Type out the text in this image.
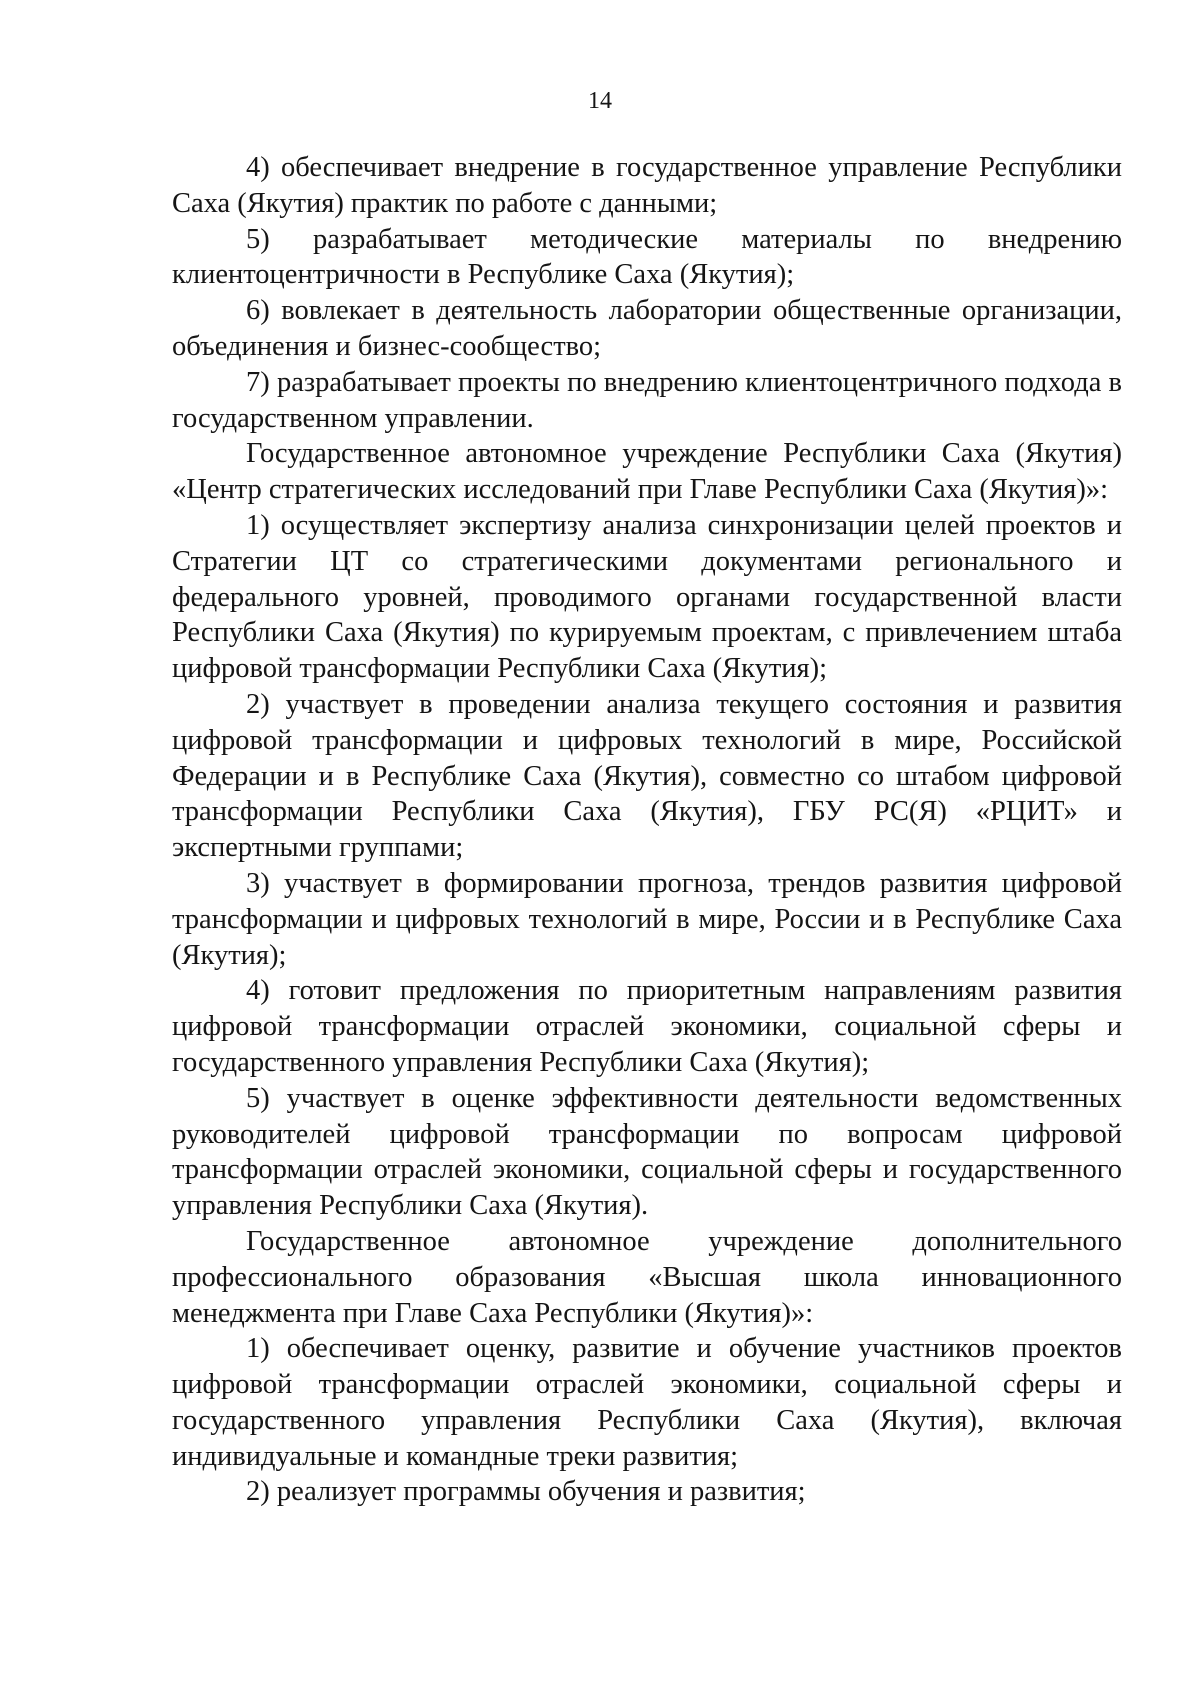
14

4) обеспечивает внедрение в государственное управление Республики Саха (Якутия) практик по работе с данными;

5) разрабатывает методические материалы по внедрению клиентоцентричности в Республике Саха (Якутия);

6) вовлекает в деятельность лаборатории общественные организации, объединения и бизнес-сообщество;

7) разрабатывает проекты по внедрению клиентоцентричного подхода в государственном управлении.

Государственное автономное учреждение Республики Саха (Якутия) «Центр стратегических исследований при Главе Республики Саха (Якутия)»:

1) осуществляет экспертизу анализа синхронизации целей проектов и Стратегии ЦТ со стратегическими документами регионального и федерального уровней, проводимого органами государственной власти Республики Саха (Якутия) по курируемым проектам, с привлечением штаба цифровой трансформации Республики Саха (Якутия);

2) участвует в проведении анализа текущего состояния и развития цифровой трансформации и цифровых технологий в мире, Российской Федерации и в Республике Саха (Якутия), совместно со штабом цифровой трансформации Республики Саха (Якутия), ГБУ РС(Я) «РЦИТ» и экспертными группами;

3) участвует в формировании прогноза, трендов развития цифровой трансформации и цифровых технологий в мире, России и в Республике Саха (Якутия);

4) готовит предложения по приоритетным направлениям развития цифровой трансформации отраслей экономики, социальной сферы и государственного управления Республики Саха (Якутия);

5) участвует в оценке эффективности деятельности ведомственных руководителей цифровой трансформации по вопросам цифровой трансформации отраслей экономики, социальной сферы и государственного управления Республики Саха (Якутия).

Государственное автономное учреждение дополнительного профессионального образования «Высшая школа инновационного менеджмента при Главе Саха Республики (Якутия)»:

1) обеспечивает оценку, развитие и обучение участников проектов цифровой трансформации отраслей экономики, социальной сферы и государственного управления Республики Саха (Якутия), включая индивидуальные и командные треки развития;

2) реализует программы обучения и развития;
